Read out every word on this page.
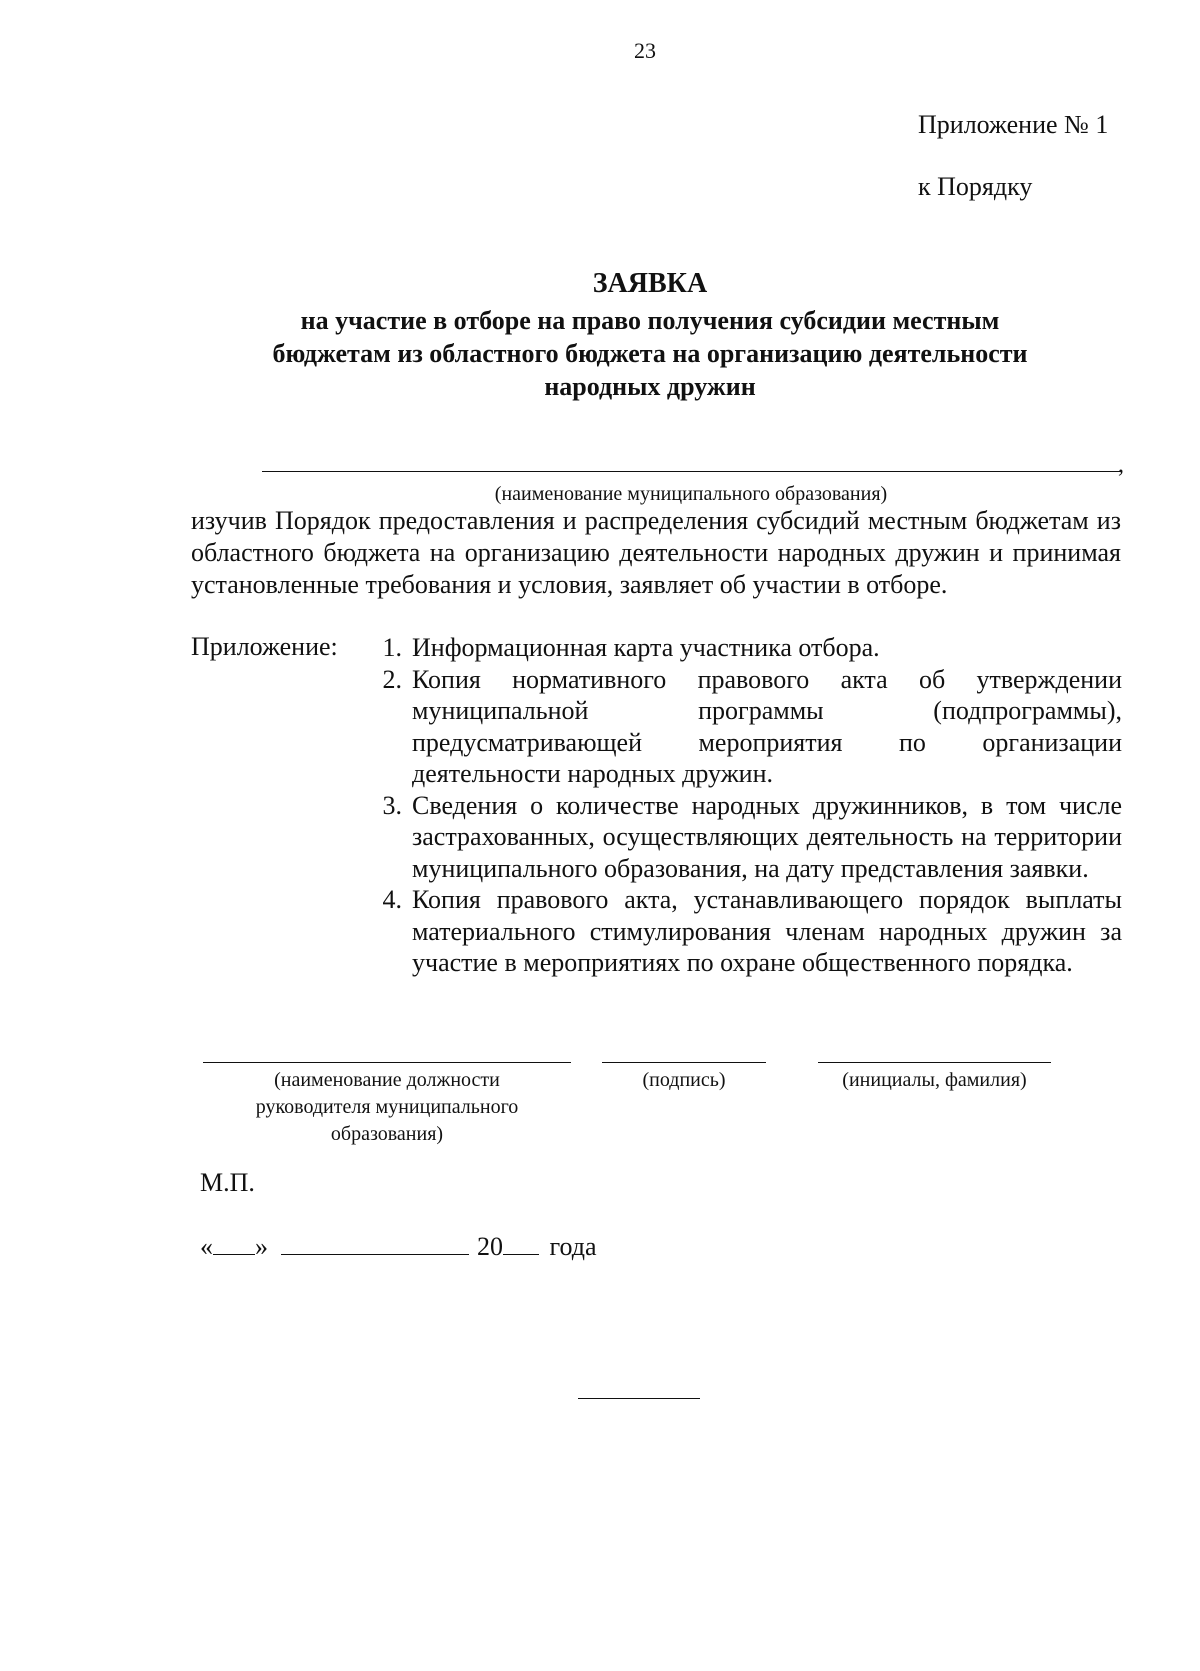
23
Приложение № 1
к Порядку
ЗАЯВКА
на участие в отборе на право получения субсидии местным
бюджетам из областного бюджета на организацию деятельности
народных дружин
,
(наименование муниципального образования)
изучив Порядок предоставления и распределения субсидий местным бюджетам из областного бюджета на организацию деятельности народных дружин и принимая установленные требования и условия, заявляет об участии в отборе.
Приложение:	1. Информационная карта участника отбора.
2. Копия нормативного правового акта об утверждении муниципальной программы (подпрограммы), предусматривающей мероприятия по организации деятельности народных дружин.
3. Сведения о количестве народных дружинников, в том числе застрахованных, осуществляющих деятельность на территории муниципального образования, на дату представления заявки.
4. Копия правового акта, устанавливающего порядок выплаты материального стимулирования членам народных дружин за участие в мероприятиях по охране общественного порядка.
(наименование должности
руководителя муниципального
образования)
(подпись)	(инициалы, фамилия)
М.П.
« »	20 года
